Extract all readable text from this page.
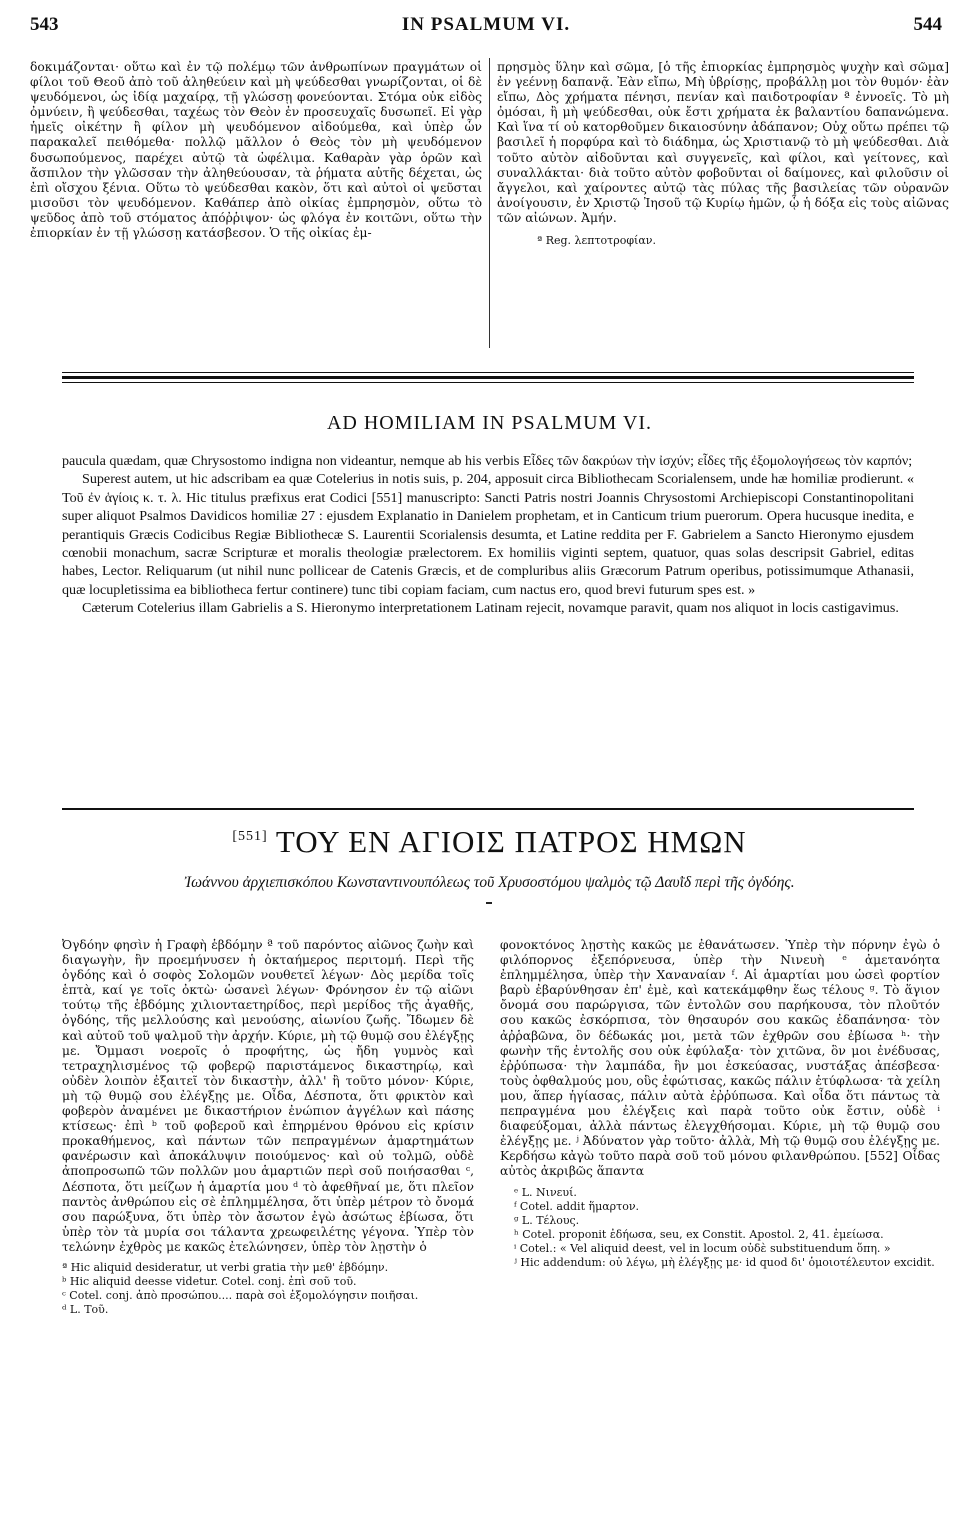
543	IN PSALMUM VI.	544

δοκιμάζονται· οὕτω καὶ ἐν τῷ πολέμῳ τῶν ἀνθρωπίνων πραγμάτων οἱ φίλοι τοῦ Θεοῦ ἀπὸ τοῦ ἀληθεύειν καὶ μὴ ψεύδεσθαι γνωρίζονται, οἱ δὲ ψευδόμενοι, ὡς ἰδίᾳ μαχαίρᾳ, τῇ γλώσσῃ φονεύονται. Στόμα οὐκ εἰδὸς ὀμνύειν, ἢ ψεύδεσθαι, ταχέως τὸν Θεὸν ἐν προσευχαῖς δυσωπεῖ. Εἰ γὰρ ἡμεῖς οἰκέτην ἢ φίλον μὴ ψευδόμενον αἰδούμεθα, καὶ ὑπὲρ ὧν παρακαλεῖ πειθόμεθα· πολλῷ μᾶλλον ὁ Θεὸς τὸν μὴ ψευδόμενον δυσωπούμενος, παρέχει αὐτῷ τὰ ὠφέλιμα. Καθαρὰν γὰρ ὁρῶν καὶ ἄσπιλον τὴν γλῶσσαν τὴν ἀληθεύουσαν, τὰ ῥήματα αὐτῆς δέχεται, ὡς ἐπὶ οἴσχου ξένια. Οὕτω τὸ ψεύδεσθαι κακὸν, ὅτι καὶ αὐτοὶ οἱ ψεῦσται μισοῦσι τὸν ψευδόμενον. Καθάπερ ἀπὸ οἰκίας ἐμπρησμὸν, οὕτω τὸ ψεῦδος ἀπὸ τοῦ στόματος ἀπόῤῥιψον· ὡς φλόγα ἐν κοιτῶνι, οὕτω τὴν ἐπιορκίαν ἐν τῇ γλώσσῃ κατάσβεσον. Ὁ τῆς οἰκίας ἐμ-

πρησμὸς ὕλην καὶ σῶμα, [ὁ τῆς ἐπιορκίας ἐμπρησμὸς ψυχὴν καὶ σῶμα] ἐν γεέννῃ δαπανᾷ. Ἐὰν εἴπω, Μὴ ὑβρίσῃς, προβάλλῃ μοι τὸν θυμόν· ἐὰν εἴπω, Δὸς χρήματα πένησι, πενίαν καὶ παιδοτροφίαν ª ἐννοεῖς. Τὸ μὴ ὀμόσαι, ἢ μὴ ψεύδεσθαι, οὐκ ἔστι χρήματα ἐκ βαλαντίου δαπανώμενα. Καὶ ἵνα τί οὐ κατορθοῦμεν δικαιοσύνην ἀδάπανον; Οὐχ οὕτω πρέπει τῷ βασιλεῖ ἡ πορφύρα καὶ τὸ διάδημα, ὡς Χριστιανῷ τὸ μὴ ψεύδεσθαι. Διὰ τοῦτο αὐτὸν αἰδοῦνται καὶ συγγενεῖς, καὶ φίλοι, καὶ γείτονες, καὶ συναλλάκται· διὰ τοῦτο αὐτὸν φοβοῦνται οἱ δαίμονες, καὶ φιλοῦσιν οἱ ἄγγελοι, καὶ χαίροντες αὐτῷ τὰς πύλας τῆς βασιλείας τῶν οὐρανῶν ἀνοίγουσιν, ἐν Χριστῷ Ἰησοῦ τῷ Κυρίῳ ἡμῶν, ᾧ ἡ δόξα εἰς τοὺς αἰῶνας τῶν αἰώνων. Ἀμήν.

ª Reg. λεπτοτροφίαν.

AD HOMILIAM IN PSALMUM VI.

paucula quædam, quæ Chrysostomo indigna non videantur, nemque ab his verbis Εἶδες τῶν δακρύων τὴν ἰσχύν; εἶδες τῆς ἐξομολογήσεως τὸν καρπόν;

Superest autem, ut hic adscribam ea quæ Cotelerius in notis suis, p. 204, apposuit circa Bibliothecam Scorialensem, unde hæ homiliæ prodierunt. « Τοῦ ἐν ἁγίοις κ. τ. λ. Hic titulus præfixus erat Codici [551] manuscripto: Sancti Patris nostri Joannis Chrysostomi Archiepiscopi Constantinopolitani super aliquot Psalmos Davidicos homiliæ 27 : ejusdem Explanatio in Danielem prophetam, et in Canticum trium puerorum. Opera hucusque inedita, e perantiquis Græcis Codicibus Regiæ Bibliothecæ S. Laurentii Scorialensis desumta, et Latine reddita per F. Gabrielem a Sancto Hieronymo ejusdem cœnobii monachum, sacræ Scripturæ et moralis theologiæ prælectorem. Ex homiliis viginti septem, quatuor, quas solas descripsit Gabriel, editas habes, Lector. Reliquarum (ut nihil nunc pollicear de Catenis Græcis, et de compluribus aliis Græcorum Patrum operibus, potissimumque Athanasii, quæ locupletissima ea bibliotheca fertur continere) tunc tibi copiam faciam, cum nactus ero, quod brevi futurum spes est. »

Cæterum Cotelerius illam Gabrielis a S. Hieronymo interpretationem Latinam rejecit, novamque paravit, quam nos aliquot in locis castigavimus.

[551] ΤΟΥ ΕΝ ΑΓΙΟΙΣ ΠΑΤΡΟΣ ΗΜΩΝ
Ἰωάννου ἀρχιεπισκόπου Κωνσταντινουπόλεως τοῦ Χρυσοστόμου ψαλμὸς τῷ Δαυῒδ περὶ τῆς ὀγδόης.

Ὀγδόην φησὶν ἡ Γραφὴ ἑβδόμην ª τοῦ παρόντος αἰῶνος ζωὴν καὶ διαγωγὴν, ἣν προεμήνυσεν ἡ ὀκταήμερος περιτομή. Περὶ τῆς ὀγδόης καὶ ὁ σοφὸς Σολομῶν νουθετεῖ λέγων· Δὸς μερίδα τοῖς ἑπτὰ, καί γε τοῖς ὀκτὼ· ὡσανεὶ λέγων· Φρόνησον ἐν τῷ αἰῶνι τούτῳ τῆς ἑβδόμης χιλιονταετηρίδος, περὶ μερίδος τῆς ἀγαθῆς, ὀγδόης, τῆς μελλούσης καὶ μενούσης, αἰωνίου ζωῆς. Ἴδωμεν δὲ καὶ αὐτοῦ τοῦ ψαλμοῦ τὴν ἀρχήν. Κύριε, μὴ τῷ θυμῷ σου ἐλέγξῃς με. Ὄμμασι νοεροῖς ὁ προφήτης, ὡς ἤδη γυμνὸς καὶ τετραχηλισμένος τῷ φοβερῷ παριστάμενος δικαστηρίῳ, καὶ οὐδὲν λοιπὸν ἐξαιτεῖ τὸν δικαστὴν, ἀλλ' ἢ τοῦτο μόνον· Κύριε, μὴ τῷ θυμῷ σου ἐλέγξῃς με. Οἶδα, Δέσποτα, ὅτι φρικτὸν καὶ φοβερὸν ἀναμένει με δικαστήριον ἐνώπιον ἀγγέλων καὶ πάσης κτίσεως· ἐπὶ ᵇ τοῦ φοβεροῦ καὶ ἐπηρμένου θρόνου εἰς κρίσιν προκαθήμενος, καὶ πάντων τῶν πεπραγμένων ἁμαρτημάτων φανέρωσιν καὶ ἀποκάλυψιν ποιούμενος· καὶ οὐ τολμῶ, οὐδὲ ἀποπροσωπῶ τῶν πολλῶν μου ἁμαρτιῶν περὶ σοῦ ποιήσασθαι ᶜ, Δέσποτα, ὅτι μείζων ἡ ἁμαρτία μου ᵈ τὸ ἀφεθῆναί με, ὅτι πλεῖον παντὸς ἀνθρώπου εἰς σὲ ἐπλημμέλησα, ὅτι ὑπὲρ μέτρον τὸ ὄνομά σου παρώξυνα, ὅτι ὑπὲρ τὸν ἄσωτον ἐγὼ ἀσώτως ἐβίωσα, ὅτι ὑπὲρ τὸν τὰ μυρία σοι τάλαντα χρεωφειλέτης γέγονα. Ὑπὲρ τὸν τελώνην ἐχθρὸς με κακῶς ἐτελώνησεν, ὑπὲρ τὸν λῃστὴν ὁ

ª Hic aliquid desideratur, ut verbi gratia τὴν μεθ' ἑβδόμην.

ᵇ Hic aliquid deesse videtur. Cotel. conj. ἐπὶ σοῦ τοῦ.

ᶜ Cotel. conj. ἀπὸ προσώπου.... παρὰ σοὶ ἐξομολόγησιν ποιῆσαι.

ᵈ L. Τοῦ.

φονοκτόνος λῃστὴς κακῶς με ἐθανάτωσεν. Ὑπὲρ τὴν πόρνην ἐγὼ ὁ φιλόπορνος ἐξεπόρνευσα, ὑπὲρ τὴν Νινευὴ ᵉ ἀμετανόητα ἐπλημμέλησα, ὑπὲρ τὴν Χαναναίαν ᶠ. Αἱ ἁμαρτίαι μου ὡσεὶ φορτίον βαρὺ ἐβαρύνθησαν ἐπ' ἐμὲ, καὶ κατεκάμφθην ἕως τέλους ᵍ. Τὸ ἅγιον ὄνομά σου παρώργισα, τῶν ἐντολῶν σου παρήκουσα, τὸν πλοῦτόν σου κακῶς ἐσκόρπισα, τὸν θησαυρόν σου κακῶς ἐδαπάνησα· τὸν ἀῤῥαβῶνα, ὃν δέδωκάς μοι, μετὰ τῶν ἐχθρῶν σου ἐβίωσα ʰ· τὴν φωνὴν τῆς ἐντολῆς σου οὐκ ἐφύλαξα· τὸν χιτῶνα, ὃν μοι ἐνέδυσας, ἐῤῥύπωσα· τὴν λαμπάδα, ἣν μοι ἐσκεύασας, νυστάξας ἀπέσβεσα· τοὺς ὀφθαλμούς μου, οὓς ἐφώτισας, κακῶς πάλιν ἐτύφλωσα· τὰ χείλη μου, ἅπερ ἡγίασας, πάλιν αὐτὰ ἐῤῥύπωσα. Καὶ οἶδα ὅτι πάντως τὰ πεπραγμένα μου ἐλέγξεις καὶ παρὰ τοῦτο οὐκ ἔστιν, οὐδὲ ⁱ διαφεύξομαι, ἀλλὰ πάντως ἐλεγχθήσομαι. Κύριε, μὴ τῷ θυμῷ σου ἐλέγξῃς με. ʲ Ἀδύνατον γὰρ τοῦτο· ἀλλὰ, Μὴ τῷ θυμῷ σου ἐλέγξῃς με. Κερδήσω κἀγὼ τοῦτο παρὰ σοῦ τοῦ μόνου φιλανθρώπου. [552] Οἶδας αὐτὸς ἀκριβῶς ἅπαντα

ᵉ L. Νινευί.

ᶠ Cotel. addit ἥμαρτον.

ᵍ L. Τέλους.

ʰ Cotel. proponit ἐδήωσα, seu, ex Constit. Apostol. 2, 41. ἐμείωσα.

ⁱ Cotel.: « Vel aliquid deest, vel in locum οὐδὲ substituendum ὅπη. »

ʲ Hic addendum: οὐ λέγω, μὴ ἐλέγξῃς με· id quod δι' ὁμοιοτέλευτον excidit.
